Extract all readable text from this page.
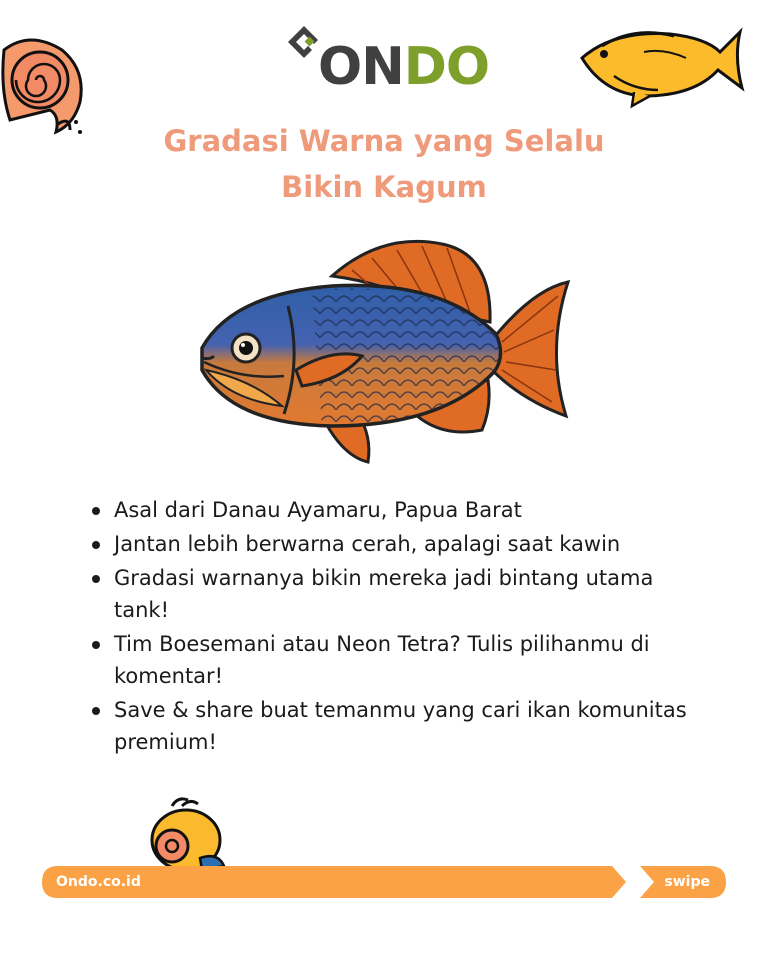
ONDO
Gradasi Warna yang Selalu
Bikin Kagum
Asal dari Danau Ayamaru, Papua Barat
Jantan lebih berwarna cerah, apalagi saat kawin
Gradasi warnanya bikin mereka jadi bintang utama tank!
Tim Boesemani atau Neon Tetra? Tulis pilihanmu di komentar!
Save & share buat temanmu yang cari ikan komunitas premium!
Ondo.co.id	swipe
